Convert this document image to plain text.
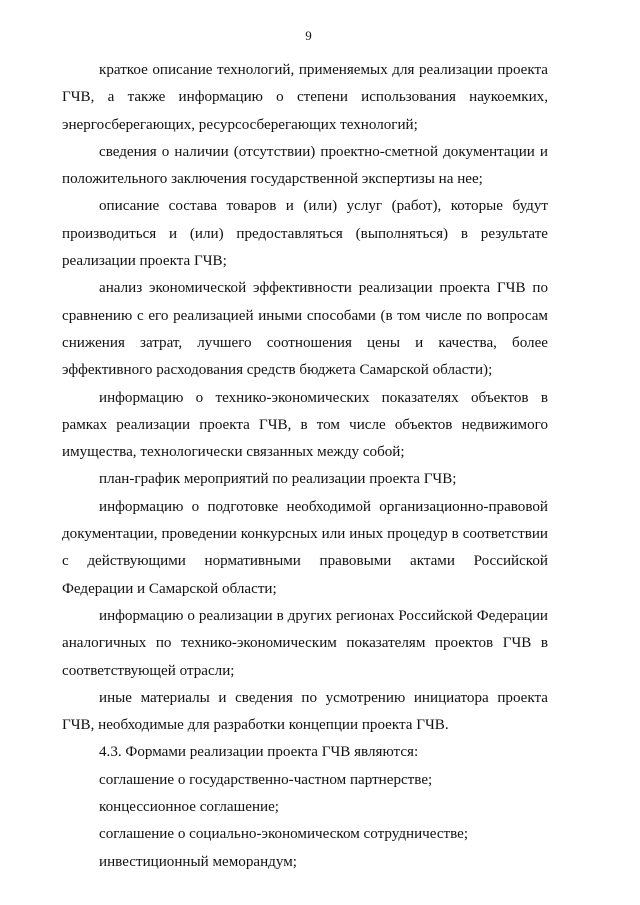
9

краткое описание технологий, применяемых для реализации проекта ГЧВ, а также информацию о степени использования наукоемких, энергосберегающих, ресурсосберегающих технологий;

сведения о наличии (отсутствии) проектно-сметной документации и положительного заключения государственной экспертизы на нее;

описание состава товаров и (или) услуг (работ), которые будут производиться и (или) предоставляться (выполняться) в результате реализации проекта ГЧВ;

анализ экономической эффективности реализации проекта ГЧВ по сравнению с его реализацией иными способами (в том числе по вопросам снижения затрат, лучшего соотношения цены и качества, более эффективного расходования средств бюджета Самарской области);

информацию о технико-экономических показателях объектов в рамках реализации проекта ГЧВ, в том числе объектов недвижимого имущества, технологически связанных между собой;

план-график мероприятий по реализации проекта ГЧВ;

информацию о подготовке необходимой организационно-правовой документации, проведении конкурсных или иных процедур в соответствии с действующими нормативными правовыми актами Российской Федерации и Самарской области;

информацию о реализации в других регионах Российской Федерации аналогичных по технико-экономическим показателям проектов ГЧВ в соответствующей отрасли;

иные материалы и сведения по усмотрению инициатора проекта ГЧВ, необходимые для разработки концепции проекта ГЧВ.

4.3. Формами реализации проекта ГЧВ являются:

соглашение о государственно-частном партнерстве;

концессионное соглашение;

соглашение о социально-экономическом сотрудничестве;

инвестиционный меморандум;
